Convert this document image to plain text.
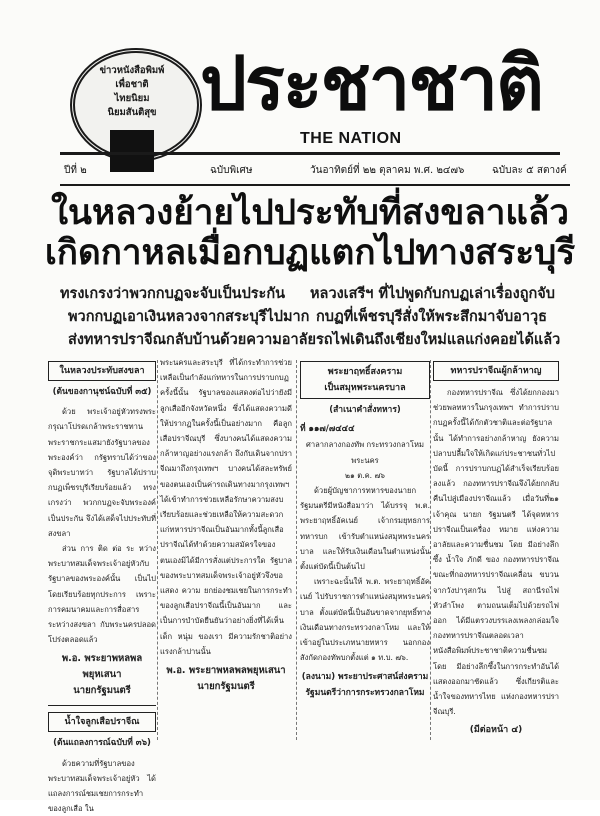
ข่าวหนังสือพิมพ์
เพื่อชาติ
ไทยนิยม
นิยมสันติสุข ประชาชาติ
THE NATION
ปีที่ ๒	ฉบับพิเศษ	วันอาทิตย์ที่ ๒๒ ตุลาคม พ.ศ. ๒๔๗๖	ฉบับละ ๕ สตางค์
ในหลวงย้ายไปประทับที่สงขลาแล้ว
เกิดกาหลเมื่อกบฏแตกไปทางสระบุรี
ทรงเกรงว่าพวกกบฏจะจับเป็นประกัน
พวกกบฏเอาเงินหลวงจากสระบุรีไปมาก
ส่งทหารปราจีณกลับบ้านด้วยความอาลัย
หลวงเสรีฯ ที่ไปพูดกับกบฏเล่าเรื่องถูกจับ
กบฏที่เพ็ชรบุรีสั่งให้พระสึกมาจับอาวุธ
รถไฟเดินถึงเชียงใหม่แลแก่งคอยได้แล้ว
ในหลวงประทับสงขลา
(ต้นของกานุชน์ฉบับที่ ๓๕)
ด้วย พระเจ้าอยู่หัวทรงพระกรุณาโปรดเกล้าพระราชทานพระราชกระแสมายังรัฐบาลของพระองค์ว่า กรัฐทราบได้ว่าของจุดิพระบาทว่า รัฐบาลได้ปราบกบฏเพ็ชรบุรีเรียบร้อยแล้ว ทรงเกรงว่า พวกกบฏจะจับพระองค์เป็นประกัน จึงได้เสด็จไปประทับที่สงขลา
ส่วน การ ติด ต่อ ระ หว่าง พระบาทสมเด็จพระเจ้าอยู่หัวกับรัฐบาลของพระองค์นั้น เป็นไปโดยเรียบร้อยทุกประการ เพราะการคมนาคมและการสื่อสารระหว่างสงขลา กับพระนครปลอดโปร่งตลอดแล้ว
พ.อ. พระยาพหลพลพยุหเสนา
นายกรัฐมนตรี
น้ำใจลูกเสือปราจีณ
(ต้นแถลงการณ์ฉบับที่ ๓๖)
ด้วยความที่รัฐบาลของพระบาทสมเด็จพระเจ้าอยู่หัว ได้แถลงการณ์ชมเชยการกระทำของลูกเสือ ใน
พระนครและสระบุรี ที่ได้กระทำการช่วยเหลือเป็นกำลังแก่ทหารในการปราบกบฏครั้งนี้นั้น รัฐบาลของแสดงต่อไปว่ายังมีลูกเสืออีกจังหวัดหนึ่ง ซึ่งได้แสดงความดีให้ปรากฏในครั้งนี้เป็นอย่างมาก คือลูกเสือปราจีณบุรี ซึ่งบางคนได้แสดงความกล้าหาญอย่างแรงกล้า ถึงกับเดินจากปราจีณมาถึงกรุงเทพฯ บางคนได้สละทรัพย์ของตนเองเป็นค่ารถเดินทางมากรุงเทพฯ ได้เข้าทำการช่วยเหลือรักษาความสงบเรียบร้อยและช่วยเหลือให้ความสะดวกแก่ทหารปราจีณเป็นอันมากทั้งนี้ลูกเสือปราจีณได้ทำด้วยความสมัครใจของตนเองมิได้มีการสั่งแต่ประการใด รัฐบาลของพระบาทสมเด็จพระเจ้าอยู่หัวจึงขอแสดง ความ ยกย่องชมเชยในการกระทำของลูกเสือปราจีณนี้เป็นอันมาก และเป็นการบำบัดยืนยันว่าอย่างยิ่งที่ได้เห็น เด็ก หนุ่ม ของเรา มีความรักชาติอย่างแรงกล้าปานนั้น
พ.อ. พระยาพหลพลพยุหเสนา
นายกรัฐมนตรี
พระยาฤทธิ์สงคราม
เป็นสมุหพระนครบาล
(สำเนาคำสั่งทหาร)
ที่ ๑๑๗/๗๔๔๔
ศาลากลางกองทัพ กระทรวงกลาโหม พระนคร
๒๑ ต.ค. ๗๖
ด้วยผู้บัญชาการทหารของนายกรัฐมนตรีมีหนังสือมาว่า ได้บรรจุ พ.ต. พระยาฤทธิ์อัคเนย์ เจ้ากรมยุทธการทหารบก เข้ารับตำแหน่งสมุหพระนครบาล และให้รับเงินเดือนในตำแหน่งนั้น ตั้งแต่บัดนี้เป็นต้นไป
เพราะฉะนั้นให้ พ.ต. พระยาฤทธิ์อัคเนย์ ไปรับราชการตำแหน่งสมุหพระนครบาล ตั้งแต่บัดนี้เป็นอันขาดจากยุทธิ์ทางเงินเดือนทางกระทรวงกลาโหม และให้เข้าอยู่ในประเภทนายทหาร นอกกองสังกัดกองทัพบกตั้งแต่ ๑ ท.บ. ๗๖.
(ลงนาม) พระยาประศาสน์ส่งคราม
รัฐมนตรีว่าการกระทรวงกลาโหม
ทหารปราจีณผู้กล้าหาญ
กองทหารปราจีณ ซึ่งได้ยกกองมาช่วยพลทหารในกรุงเทพฯ ทำการปราบกบฏครั้งนี้ได้กักตัวชาติและต่อรัฐบาลนั้น ได้ทำการอย่างกล้าหาญ ยังความปลาบปลื้มใจให้เกิดแก่ประชาชนทั่วไป บัดนี้ การปราบกบฏได้สำเร็จเรียบร้อยลงแล้ว กองทหารปราจีณจึงได้ยกกลับคืนไปสู่เมืองปราจีณแล้ว เมื่อวันที่๒๑ เจ้าคุณ นายก รัฐมนตรี ได้จุดทหารปราจีณเป็นเครื่อง หมาย แห่งความอาลัยและความชื่นชม โดย มีอย่างลึกซึ้ง น้ำใจ ภักดี ของ กองทหารปราจีณ ขณะที่กองทหารปราจีณเคลื่อน ขบวน จากวังปารุสกวัน ไปสู่ สถานีรถไฟหัวลำโพง ตามถนนเต็มไปด้วยรถไฟออก ได้มีแตรวงบรรเลงเพลงกล่อมใจกองทหารปราจีณตลอดเวลา หนังสือพิมพ์ประชาชาติความชื่นชม โดย มีอย่างลึกซึ้งในการกระทำอันได้แสดงออกมาชัดแล้ว ซึ่งเกียรติและน้ำใจของทหารไทย แห่งกองทหารปราจีณบุรี.
(มีต่อหน้า ๔)
